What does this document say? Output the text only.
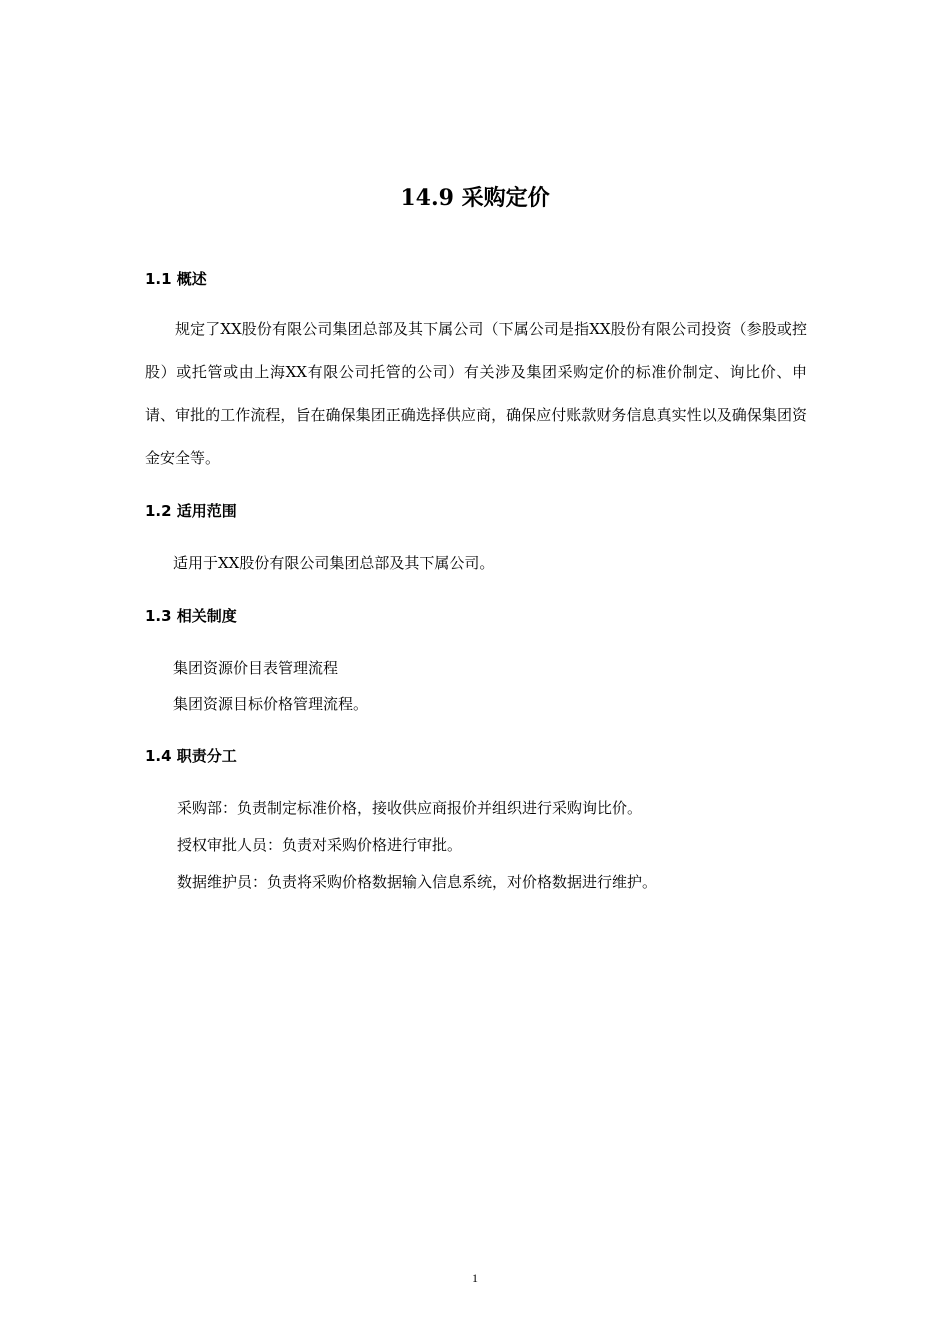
14.9 采购定价
1.1 概述
规定了XX股份有限公司集团总部及其下属公司（下属公司是指XX股份有限公司投资（参股或控股）或托管或由上海XX有限公司托管的公司）有关涉及集团采购定价的标准价制定、询比价、申请、审批的工作流程，旨在确保集团正确选择供应商，确保应付账款财务信息真实性以及确保集团资金安全等。
1.2 适用范围
适用于XX股份有限公司集团总部及其下属公司。
1.3 相关制度
集团资源价目表管理流程
集团资源目标价格管理流程。
1.4 职责分工
采购部：负责制定标准价格，接收供应商报价并组织进行采购询比价。
授权审批人员：负责对采购价格进行审批。
数据维护员：负责将采购价格数据输入信息系统，对价格数据进行维护。
1
